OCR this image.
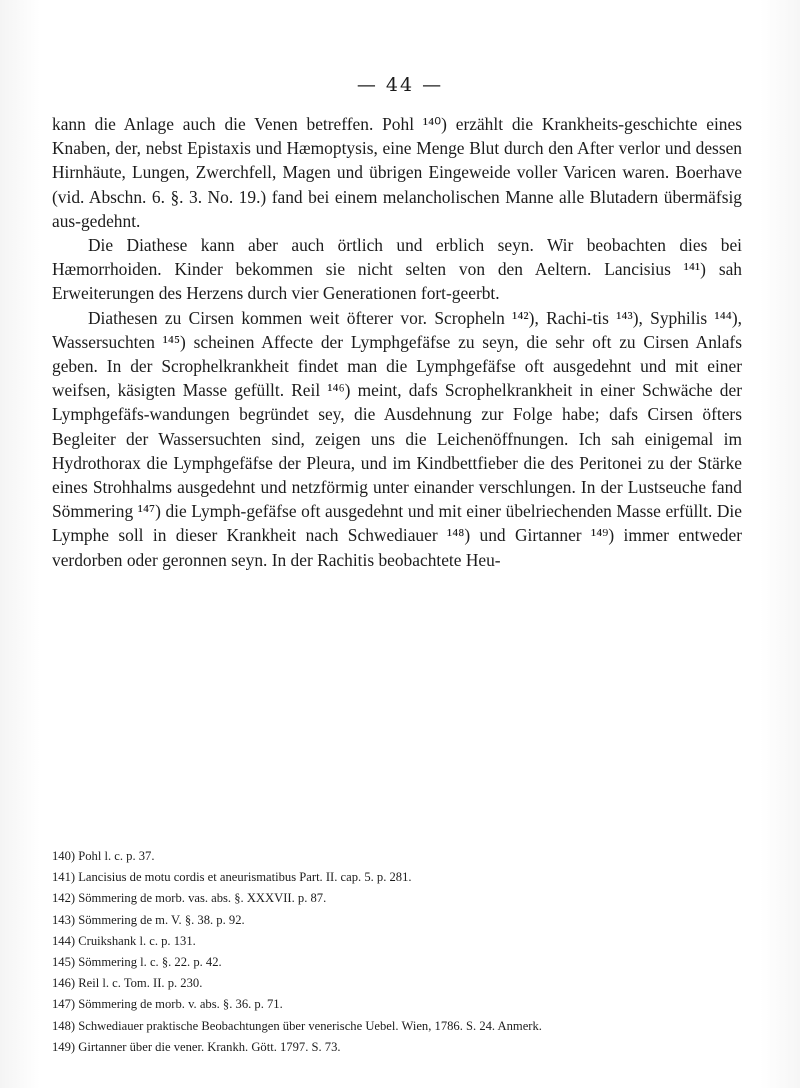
— 44 —

kann die Anlage auch die Venen betreffen. Pohl ¹⁴⁰) erzählt die Krankheits-geschichte eines Knaben, der, nebst Epistaxis und Hæmoptysis, eine Menge Blut durch den After verlor und dessen Hirnhäute, Lungen, Zwerchfell, Magen und übrigen Eingeweide voller Varicen waren. Boerhave (vid. Abschn. 6. §. 3. No. 19.) fand bei einem melancholischen Manne alle Blutadern übermäfsig aus-gedehnt.

Die Diathese kann aber auch örtlich und erblich seyn. Wir beobachten dies bei Hæmorrhoiden. Kinder bekommen sie nicht selten von den Aeltern. Lancisius ¹⁴¹) sah Erweiterungen des Herzens durch vier Generationen fort-geerbt.

Diathesen zu Cirsen kommen weit öfterer vor. Scropheln ¹⁴²), Rachi-tis ¹⁴³), Syphilis ¹⁴⁴), Wassersuchten ¹⁴⁵) scheinen Affecte der Lymphgefäfse zu seyn, die sehr oft zu Cirsen Anlafs geben. In der Scrophelkrankheit findet man die Lymphgefäfse oft ausgedehnt und mit einer weifsen, käsigten Masse gefüllt. Reil ¹⁴⁶) meint, dafs Scrophelkrankheit in einer Schwäche der Lymphgefäfs-wandungen begründet sey, die Ausdehnung zur Folge habe; dafs Cirsen öfters Begleiter der Wassersuchten sind, zeigen uns die Leichenöffnungen. Ich sah einigemal im Hydrothorax die Lymphgefäfse der Pleura, und im Kindbettfieber die des Peritonei zu der Stärke eines Strohhalms ausgedehnt und netzförmig unter einander verschlungen. In der Lustseuche fand Sömmering ¹⁴⁷) die Lymph-gefäfse oft ausgedehnt und mit einer übelriechenden Masse erfüllt. Die Lymphe soll in dieser Krankheit nach Schwediauer ¹⁴⁸) und Girtanner ¹⁴⁹) immer entweder verdorben oder geronnen seyn. In der Rachitis beobachtete Heu-

140) Pohl l. c. p. 37.
141) Lancisius de motu cordis et aneurismatibus Part. II. cap. 5. p. 281.
142) Sömmering de morb. vas. abs. §. XXXVII. p. 87.
143) Sömmering de m. V. §. 38. p. 92.
144) Cruikshank l. c. p. 131.
145) Sömmering l. c. §. 22. p. 42.
146) Reil l. c. Tom. II. p. 230.
147) Sömmering de morb. v. abs. §. 36. p. 71.
148) Schwediauer praktische Beobachtungen über venerische Uebel. Wien, 1786. S. 24. Anmerk.
149) Girtanner über die vener. Krankh. Gött. 1797. S. 73.
